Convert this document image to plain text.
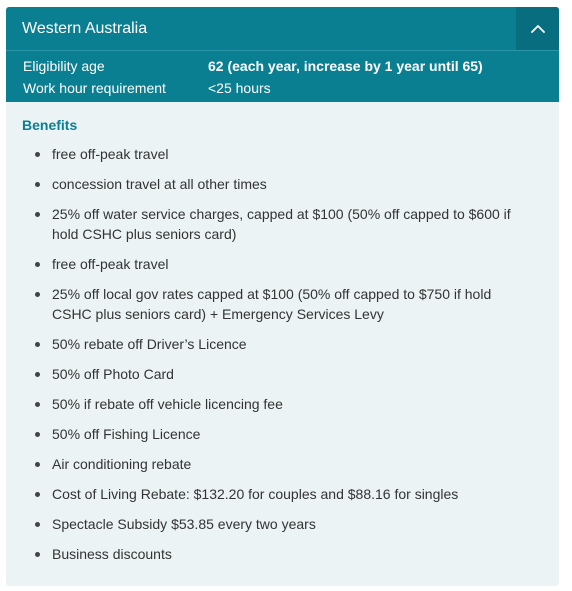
Western Australia
Eligibility age	62 (each year, increase by 1 year until 65)
Work hour requirement	<25 hours
Benefits
free off-peak travel
concession travel at all other times
25% off water service charges, capped at $100 (50% off capped to $600 if hold CSHC plus seniors card)
free off-peak travel
25% off local gov rates capped at $100 (50% off capped to $750 if hold CSHC plus seniors card) + Emergency Services Levy
50% rebate off Driver’s Licence
50% off Photo Card
50% if rebate off vehicle licencing fee
50% off Fishing Licence
Air conditioning rebate
Cost of Living Rebate: $132.20 for couples and $88.16 for singles
Spectacle Subsidy $53.85 every two years
Business discounts
